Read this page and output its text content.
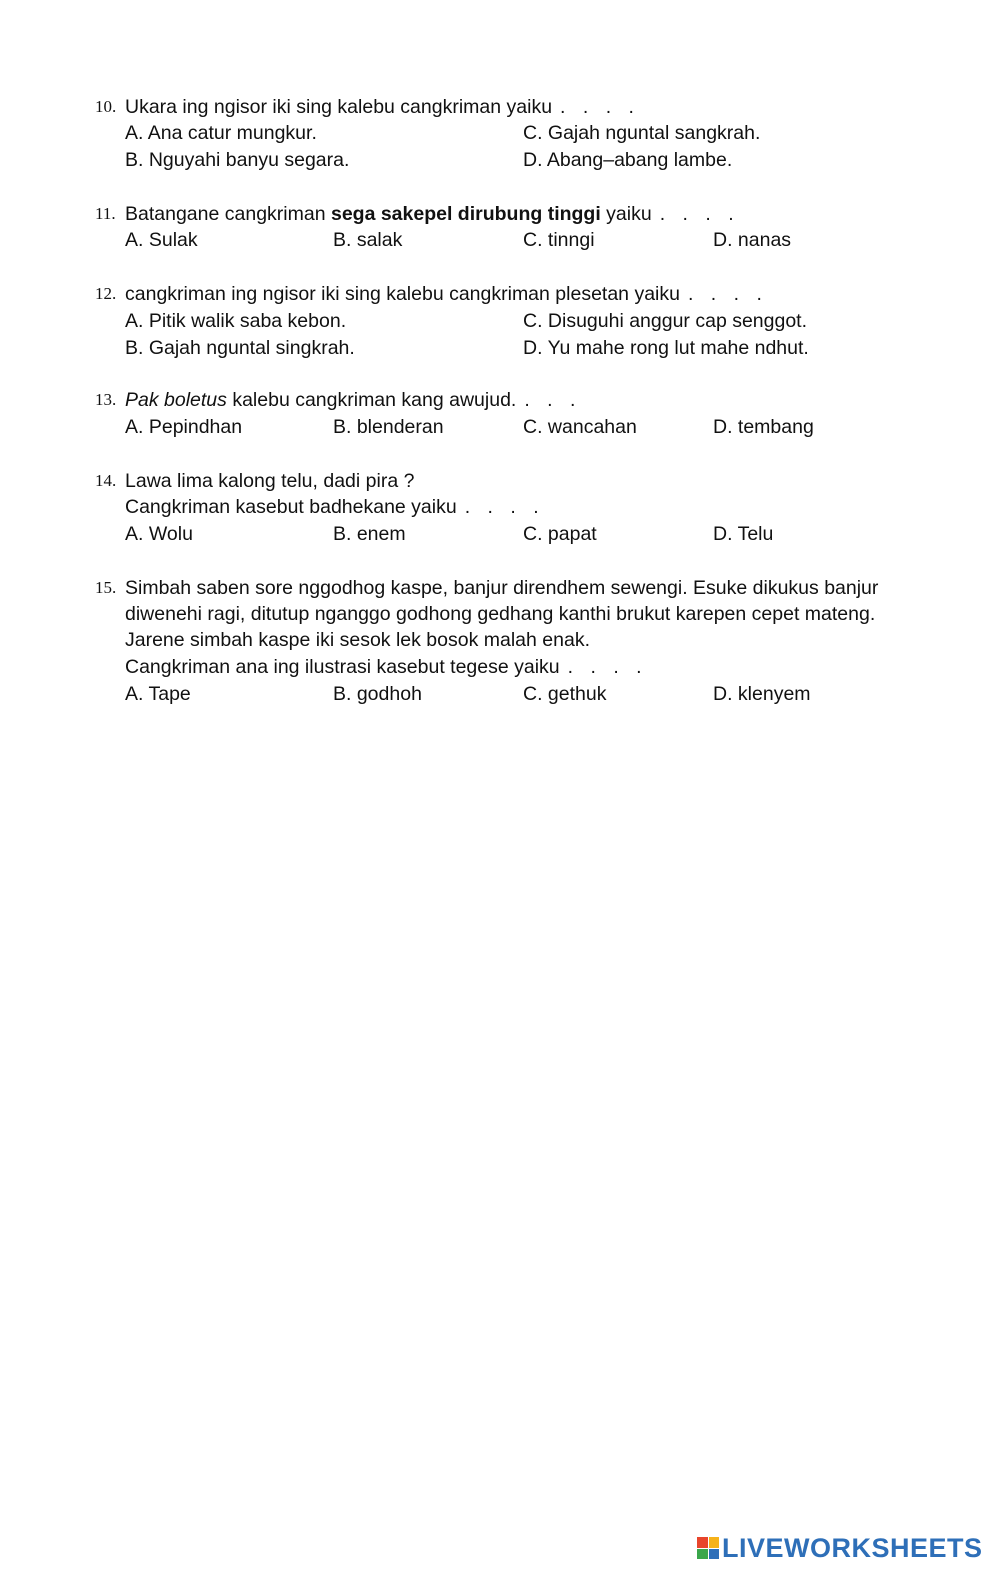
10. Ukara ing ngisor iki sing kalebu cangkriman yaiku . . . .
A. Ana catur mungkur.
B. Nguyahi banyu segara.
C. Gajah nguntal sangkrah.
D. Abang–abang lambe.
11. Batangane cangkriman sega sakepel dirubung tinggi yaiku . . . .
A. Sulak	B. salak	C. tinngi	D. nanas
12. cangkriman ing ngisor iki sing kalebu cangkriman plesetan yaiku . . . .
A. Pitik walik saba kebon.
B. Gajah nguntal singkrah.
C. Disuguhi anggur cap senggot.
D. Yu mahe rong lut mahe ndhut.
13. Pak boletus kalebu cangkriman kang awujud. . . .
A. Pepindhan	B. blenderan	C. wancahan	D. tembang
14. Lawa lima kalong telu, dadi pira ?
Cangkriman kasebut badhekane yaiku . . . .
A. Wolu	B. enem	C. papat	D. Telu
15. Simbah saben sore nggodhog kaspe, banjur direndhem sewengi. Esuke dikukus banjur
diwenehi ragi, ditutup nganggo godhong gedhang kanthi brukut karepen cepet mateng.
Jarene simbah kaspe iki sesok lek bosok malah enak.
Cangkriman ana ing ilustrasi kasebut tegese yaiku . . . .
A. Tape	B. godhoh	C. gethuk	D. klenyem
LIVEWORKSHEETS
